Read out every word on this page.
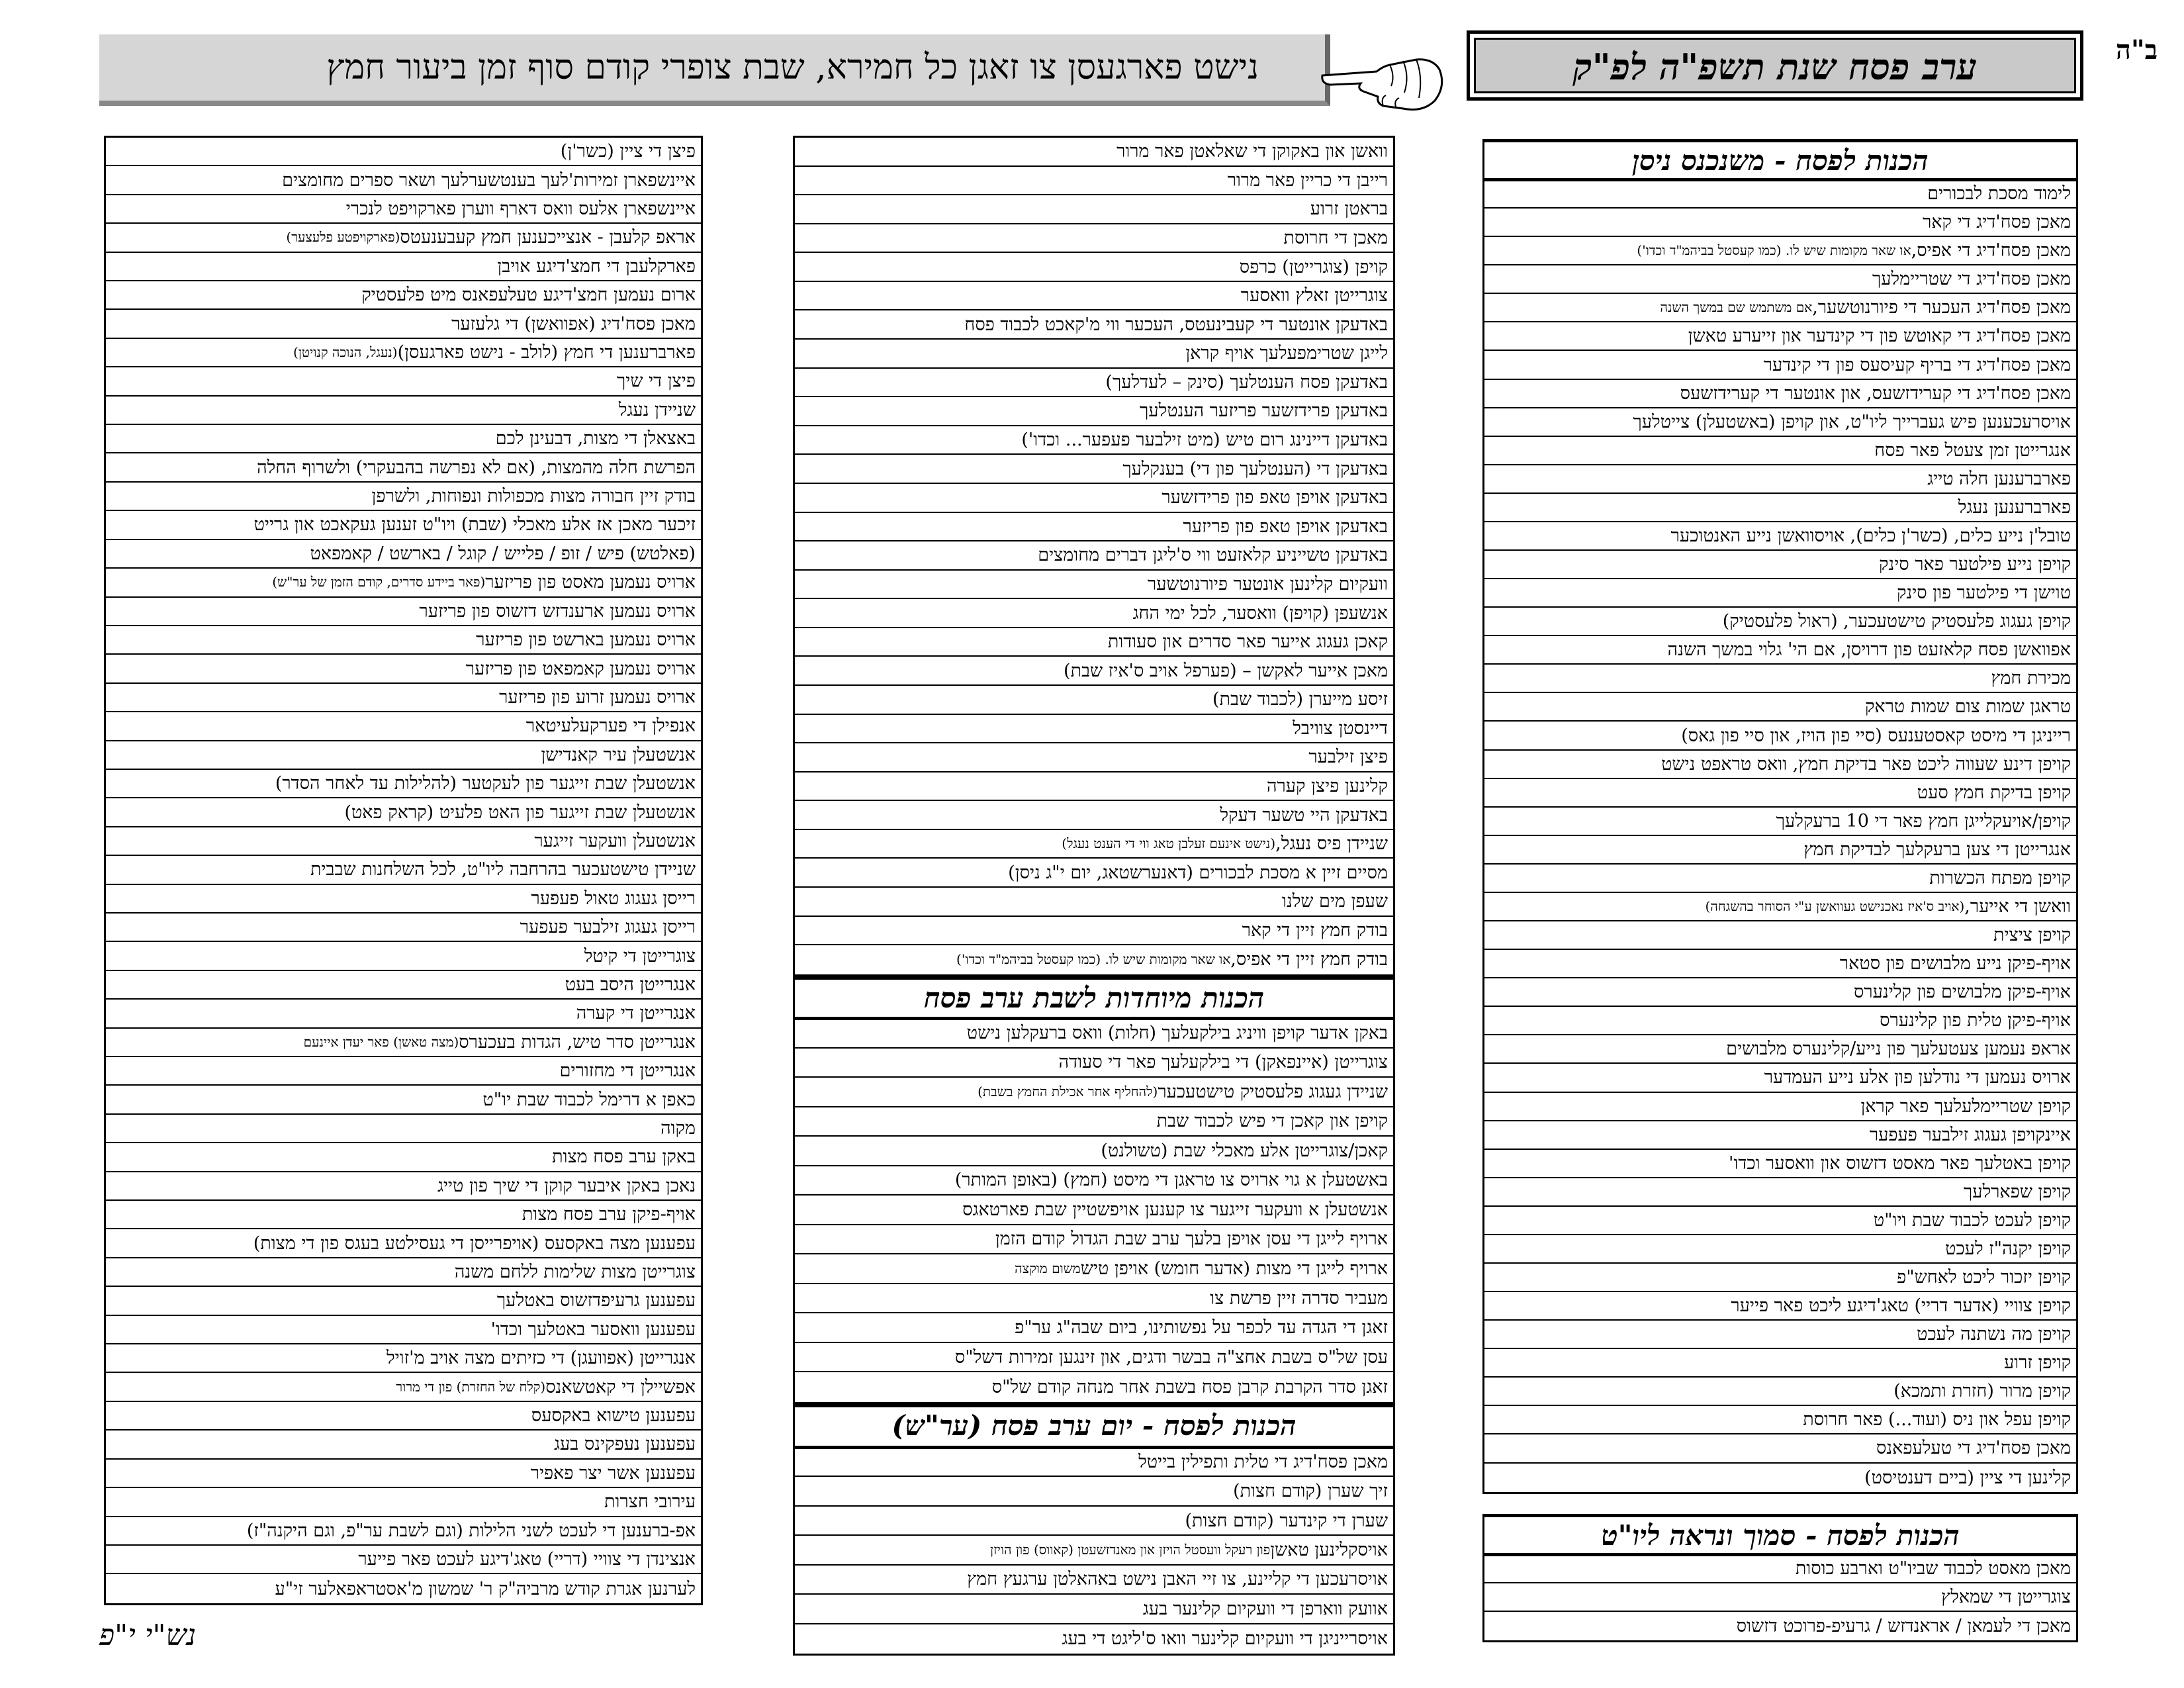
ב"ה
ערב פסח שנת תשפ"ה לפ"ק
נישט פארגעסן צו זאגן כל חמירא, שבת צופרי קודם סוף זמן ביעור חמץ
הכנות לפסח - משנכנס ניסן
לימוד מסכת לבכורים
מאכן פסח'דיג די קאר
מאכן פסח'דיג די אפיס,
או שאר מקומות שיש לו. (כמו קעסטל בביהמ"ד וכדו')
מאכן פסח'דיג די שטריימלעך
מאכן פסח'דיג העכער די פיורנוטשער,
אם משתמש שם במשך השנה
מאכן פסח'דיג די קאוטש פון די קינדער און זייערע טאשן
מאכן פסח'דיג די בריף קעיסעס פון די קינדער
מאכן פסח'דיג די קערידזשעס, און אונטער די קערידזשעס
אויסרעכענען פיש געברייך ליו"ט, און קויפן (באשטעלן) צייטלעך
אנגרייטן זמן צעטל פאר פסח
פארברענען חלה טייג
פארברענען נעגל
טובל'ן נייע כלים, (כשר'ן כלים), אויסוואשן נייע האנטוכער
קויפן נייע פילטער פאר סינק
טוישן די פילטער פון סינק
קויפן געגוג פלעסטיק טישטעכער, (ראול פלעסטיק)
אפוואשן פסח קלאזעט פון דרויסן, אם הי' גלוי במשך השנה
מכירת חמץ
טראגן שמות צום שמות טראק
רייניגן די מיסט קאסטענעס (סיי פון הויז, און סיי פון גאס)
קויפן דינע שעווה ליכט פאר בדיקת חמץ, וואס טראפט נישט
קויפן בדיקת חמץ סעט
קויפן/אויעקלייגן חמץ פאר די 10 ברעקלעך
אנגרייטן די צען ברעקלעך לבדיקת חמץ
קויפן מפתח הכשרות
וואשן די אייער,
(אויב ס'איז נאכנישט געוואשן ע"י הסוחר בהשגחה)
קויפן ציצית
אויף-פיקן נייע מלבושים פון סטאר
אויף-פיקן מלבושים פון קלינערס
אויף-פיקן טלית פון קלינערס
אראפ נעמען צעטעלעך פון נייע/קלינערס מלבושים
ארויס נעמען די נודלען פון אלע נייע העמדער
קויפן שטריימלעלעך פאר קראן
איינקויפן געגוג זילבער פעפער
קויפן באטלעך פאר מאסט דזשוס און וואסער וכדו'
קויפן שפארלעך
קויפן לעכט לכבוד שבת ויו"ט
קויפן יקנה"ז לעכט
קויפן יזכור ליכט לאחש"פ
קויפן צוויי (אדער דריי) טאג'דיגע ליכט פאר פייער
קויפן מה נשתנה לעכט
קויפן זרוע
קויפן מרור (חזרת ותמכא)
קויפן עפל און ניס (ועוד...) פאר חרוסת
מאכן פסח'דיג די טעלעפאנס
קלינען די ציין (ביים דענטיסט)
הכנות לפסח - סמוך ונראה ליו"ט
מאכן מאסט לכבוד שביו"ט וארבע כוסות
צוגרייטן די שמאלץ
מאכן די לעמאן / אראנדזש / גרעיפ-פרוכט דזשוס
וואשן און באקוקן די שאלאטן פאר מרור
רייבן די כריין פאר מרור
בראטן זרוע
מאכן די חרוסת
קויפן (צוגרייטן) כרפס
צוגרייטן זאלץ וואסער
באדעקן אונטער די קעבינעטס, העכער ווי מ'קאכט לכבוד פסח
לייגן שטרימפעלעך אויף קראן
באדעקן פסח הענטלעך (סינק – לעדלעך)
באדעקן פרידזשער פריזער הענטלעך
באדעקן דיינינג רום טיש (מיט זילבער פעפער... וכדו')
באדעקן די (הענטלעך פון די) בענקלעך
באדעקן אויפן טאפ פון פרידזשער
באדעקן אויפן טאפ פון פריזער
באדעקן טשייניע קלאזעט ווי ס'ליגן דברים מחומצים
וועקיום קלינען אונטער פיורנוטשער
אנשעפן (קויפן) וואסער, לכל ימי החג
קאכן געגוג אייער פאר סדרים און סעודות
מאכן אייער לאקשן – (פערפל אויב ס'איז שבת)
זיסע מייערן (לכבוד שבת)
דיינסטן צוויבל
פיצן זילבער
קלינען פיצן קערה
באדעקן היי טשער דעקל
שניידן פיס נעגל,
(נישט אינעם זעלבן טאג ווי די הענט נעגל)
מסיים זיין א מסכת לבכורים (דאנערשטאג, יום י"ג ניסן)
שעפן מים שלנו
בודק חמץ זיין די קאר
בודק חמץ זיין די אפיס,
או שאר מקומות שיש לו. (כמו קעסטל בביהמ"ד וכדו')
הכנות מיוחדות לשבת ערב פסח
באקן אדער קויפן וויניג בילקעלעך (חלות) וואס ברעקלען נישט
צוגרייטן (איינפאקן) די בילקעלעך פאר די סעודה
שניידן געגוג פלעסטיק טישטעכער
(להחליף אחר אכילת החמץ בשבת)
קויפן און קאכן די פיש לכבוד שבת
קאכן/צוגרייטן אלע מאכלי שבת (טשולנט)
באשטעלן א גוי ארויס צו טראגן די מיסט (חמץ) (באופן המותר)
אנשטעלן א וועקער זייגער צו קענען אויפשטיין שבת פארטאגס
ארויף לייגן די עסן אויפן בלעך ערב שבת הגדול קודם הזמן
ארויף לייגן די מצות (אדער חומש) אויפן טיש
משום מוקצה
מעביר סדרה זיין פרשת צו
זאגן די הגדה עד לכפר על נפשותינו, ביום שבה"ג ער"פ
עסן של"ס בשבת אחצ"ה בבשר ודגים, און זינגען זמירות דשל"ס
זאגן סדר הקרבת קרבן פסח בשבת אחר מנחה קודם של"ס
הכנות לפסח - יום ערב פסח (ער"ש)
מאכן פסח'דיג די טלית ותפילין בייטל
זיך שערן (קודם חצות)
שערן די קינדער (קודם חצות)
אויסקלינען טאשן
פון רעקל וועסטל הויזן און מאנדזשעטן (קאווס) פון הויזן
אויסרעכען די קליינע, צו זיי האבן נישט באהאלטן ערגעץ חמץ
אוועק ווארפן די וועקיום קלינער בעג
אויסרייניגן די וועקיום קלינער וואו ס'ליגט די בעג
פיצן די ציין (כשר'ן)
איינשפארן זמירות'לעך בענטשערלעך ושאר ספרים מחומצים
איינשפארן אלעס וואס דארף ווערן פארקויפט לנכרי
אראפ קלעבן - אנצייכענען חמץ קעבענעטס
(פארקויפטע פלעצער)
פארקלעבן די חמצ'דיגע אויבן
ארום נעמען חמצ'דיגע טעלעפאנס מיט פלעסטיק
מאכן פסח'דיג (אפוואשן) די גלעזער
פארברענען די חמץ (לולב - נישט פארגעסן)
(נעגל, הנוכה קנויטן)
פיצן די שיך
שניידן נעגל
באצאלן די מצות, דבעינן לכם
הפרשת חלה מהמצות, (אם לא נפרשה בהבעקרי) ולשרוף החלה
בודק זיין חבורה מצות מכפולות ונפוחות, ולשרפן
זיכער מאכן אז אלע מאכלי (שבת) ויו"ט זענען געקאכט און גרייט
(פאלטש) פיש / זופ / פלייש / קוגל / בארשט / קאמפאט
ארויס נעמען מאסט פון פריזער
(פאר ביידע סדרים, קודם הזמן של ער"ש)
ארויס נעמען ארענדזש דזשוס פון פריזער
ארויס נעמען בארשט פון פריזער
ארויס נעמען קאמפאט פון פריזער
ארויס נעמען זרוע פון פריזער
אנפילן די פערקעלעיטאר
אנשטעלן עיר קאנדישן
אנשטעלן שבת זייגער פון לעקטער (להלילות עד לאחר הסדר)
אנשטעלן שבת זייגער פון האט פלעיט (קראק פאט)
אנשטעלן וועקער זייגער
שניידן טישטעכער בהרחבה ליו"ט, לכל השלחנות שבבית
רייסן געגוג טאול פעפער
רייסן געגוג זילבער פעפער
צוגרייטן די קיטל
אנגרייטן היסב בעט
אנגרייטן די קערה
אנגרייטן סדר טיש, הגדות בעכערס
(מצה טאשן) פאר יעדן איינעם
אנגרייטן די מחזורים
כאפן א דרימל לכבוד שבת יו"ט
מקוה
באקן ערב פסח מצות
נאכן באקן איבער קוקן די שיך פון טייג
אויף-פיקן ערב פסח מצות
עפענען מצה באקסעס (אויפרייסן די געסילטע בעגס פון די מצות)
צוגרייטן מצות שלימות ללחם משנה
עפענען גרעיפדזשוס באטלעך
עפענען וואסער באטלעך וכדו'
אנגרייטן (אפוועגן) די כזיתים מצה אויב מ'זויל
אפשיילן די קאטשאנס
(קלח של החזרת) פון די מרור
עפענען טישוא באקסעס
עפענען נעפקינס בעג
עפענען אשר יצר פאפיר
עירובי חצרות
אפ-ברענען די לעכט לשני הלילות (וגם לשבת ער"פ, וגם היקנה"ז)
אנצינדן די צוויי (דריי) טאג'דיגע לעכט פאר פייער
לערנען אגרת קודש מרביה"ק ר' שמשון מ'אסטראפאלער זי"ע
נש"י י"פ
